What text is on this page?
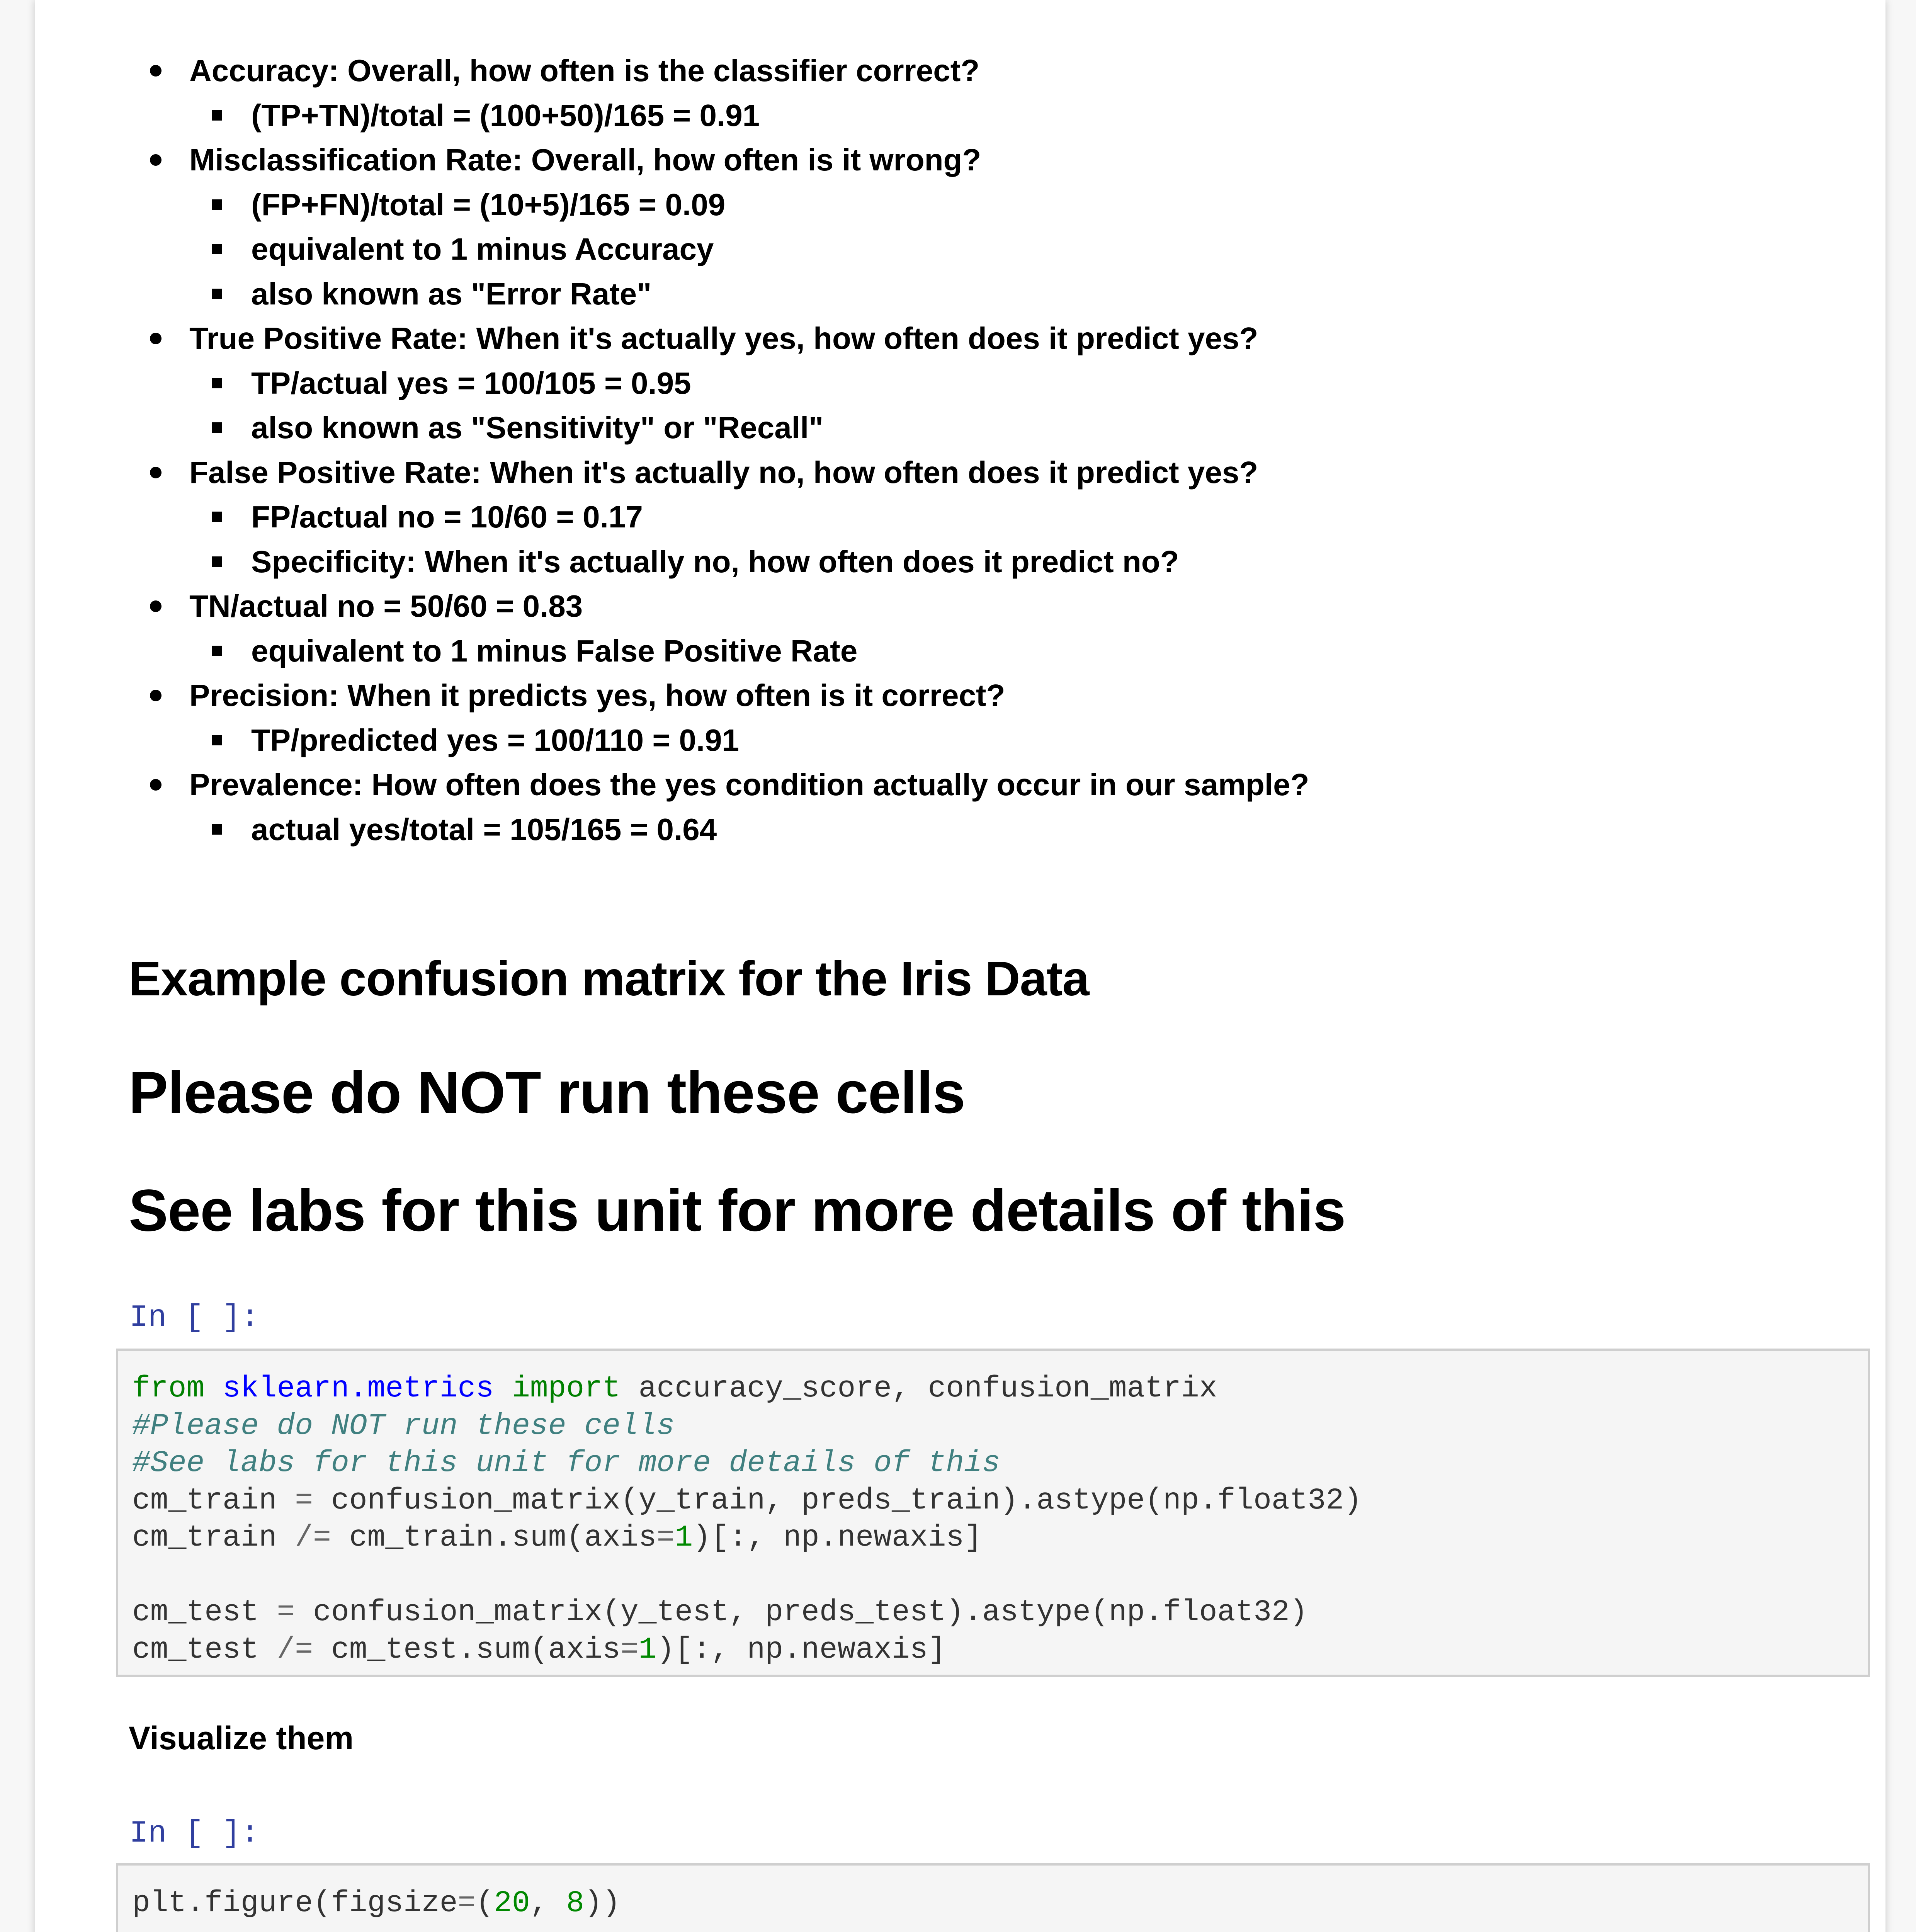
Accuracy: Overall, how often is the classifier correct?
(TP+TN)/total = (100+50)/165 = 0.91
Misclassification Rate: Overall, how often is it wrong?
(FP+FN)/total = (10+5)/165 = 0.09
equivalent to 1 minus Accuracy
also known as "Error Rate"
True Positive Rate: When it's actually yes, how often does it predict yes?
TP/actual yes = 100/105 = 0.95
also known as "Sensitivity" or "Recall"
False Positive Rate: When it's actually no, how often does it predict yes?
FP/actual no = 10/60 = 0.17
Specificity: When it's actually no, how often does it predict no?
TN/actual no = 50/60 = 0.83
equivalent to 1 minus False Positive Rate
Precision: When it predicts yes, how often is it correct?
TP/predicted yes = 100/110 = 0.91
Prevalence: How often does the yes condition actually occur in our sample?
actual yes/total = 105/165 = 0.64
Example confusion matrix for the Iris Data
Please do NOT run these cells
See labs for this unit for more details of this
In [ ]:
from sklearn.metrics import accuracy_score, confusion_matrix
#Please do NOT run these cells
#See labs for this unit for more details of this
cm_train = confusion_matrix(y_train, preds_train).astype(np.float32)
cm_train /= cm_train.sum(axis=1)[:, np.newaxis]

cm_test = confusion_matrix(y_test, preds_test).astype(np.float32)
cm_test /= cm_test.sum(axis=1)[:, np.newaxis]
Visualize them
In [ ]:
plt.figure(figsize=(20, 8))
